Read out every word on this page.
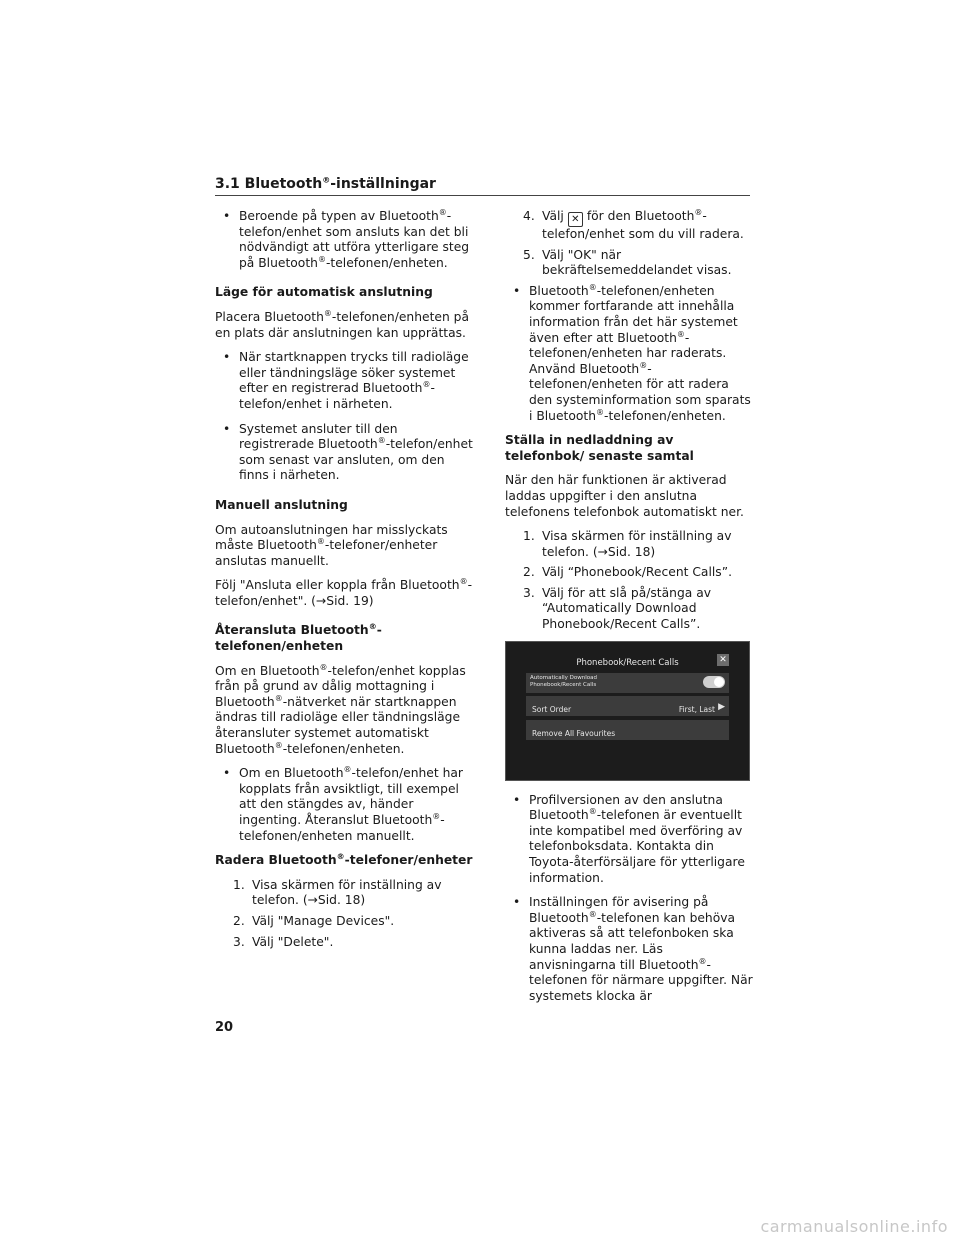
3.1 Bluetooth®-inställningar
• Beroende på typen av Bluetooth®-telefon/enhet som ansluts kan det bli nödvändigt att utföra ytterligare steg på Bluetooth®-telefonen/enheten.
Läge för automatisk anslutning

Placera Bluetooth®-telefonen/enheten på en plats där anslutningen kan upprättas.

• När startknappen trycks till radioläge eller tändningsläge söker systemet efter en registrerad Bluetooth®-telefon/enhet i närheten.
• Systemet ansluter till den registrerade Bluetooth®-telefon/enhet som senast var ansluten, om den finns i närheten.
Manuell anslutning

Om autoanslutningen har misslyckats måste Bluetooth®-telefoner/enheter anslutas manuellt.

Följ "Ansluta eller koppla från Bluetooth®-telefon/enhet". (→Sid. 19)

Återansluta Bluetooth®-telefonen/enheten

Om en Bluetooth®-telefon/enhet kopplas från på grund av dålig mottagning i Bluetooth®-nätverket när startknappen ändras till radioläge eller tändningsläge återansluter systemet automatiskt Bluetooth®-telefonen/enheten.

• Om en Bluetooth®-telefon/enhet har kopplats från avsiktligt, till exempel att den stängdes av, händer ingenting. Återanslut Bluetooth®-telefonen/enheten manuellt.
Radera Bluetooth®-telefoner/enheter
1. Visa skärmen för inställning av telefon. (→Sid. 18)
2. Välj "Manage Devices".
3. Välj "Delete".
4. Välj ✕ för den Bluetooth®-telefon/enhet som du vill radera.
5. Välj "OK" när bekräftelsemeddelandet visas.
• Bluetooth®-telefonen/enheten kommer fortfarande att innehålla information från det här systemet även efter att Bluetooth®-telefonen/enheten har raderats. Använd Bluetooth®-telefonen/enheten för att radera den systeminformation som sparats i Bluetooth®-telefonen/enheten.
Ställa in nedladdning av telefonbok/ senaste samtal

När den här funktionen är aktiverad laddas uppgifter i den anslutna telefonens telefonbok automatiskt ner.

1. Visa skärmen för inställning av telefon. (→Sid. 18)
2. Välj “Phonebook/Recent Calls”.
3. Välj för att slå på/stänga av “Automatically Download Phonebook/Recent Calls”.
Phonebook/Recent Calls	✕
Automatically Download
Phonebook/Recent Calls
Sort Order	First, Last ▶
Remove All Favourites
• Profilversionen av den anslutna Bluetooth®-telefonen är eventuellt inte kompatibel med överföring av telefonboksdata. Kontakta din Toyota-återförsäljare för ytterligare information.
• Inställningen för avisering på Bluetooth®-telefonen kan behöva aktiveras så att telefonboken ska kunna laddas ner. Läs anvisningarna till Bluetooth®-telefonen för närmare uppgifter. När systemets klocka är
20
carmanualsonline.info
